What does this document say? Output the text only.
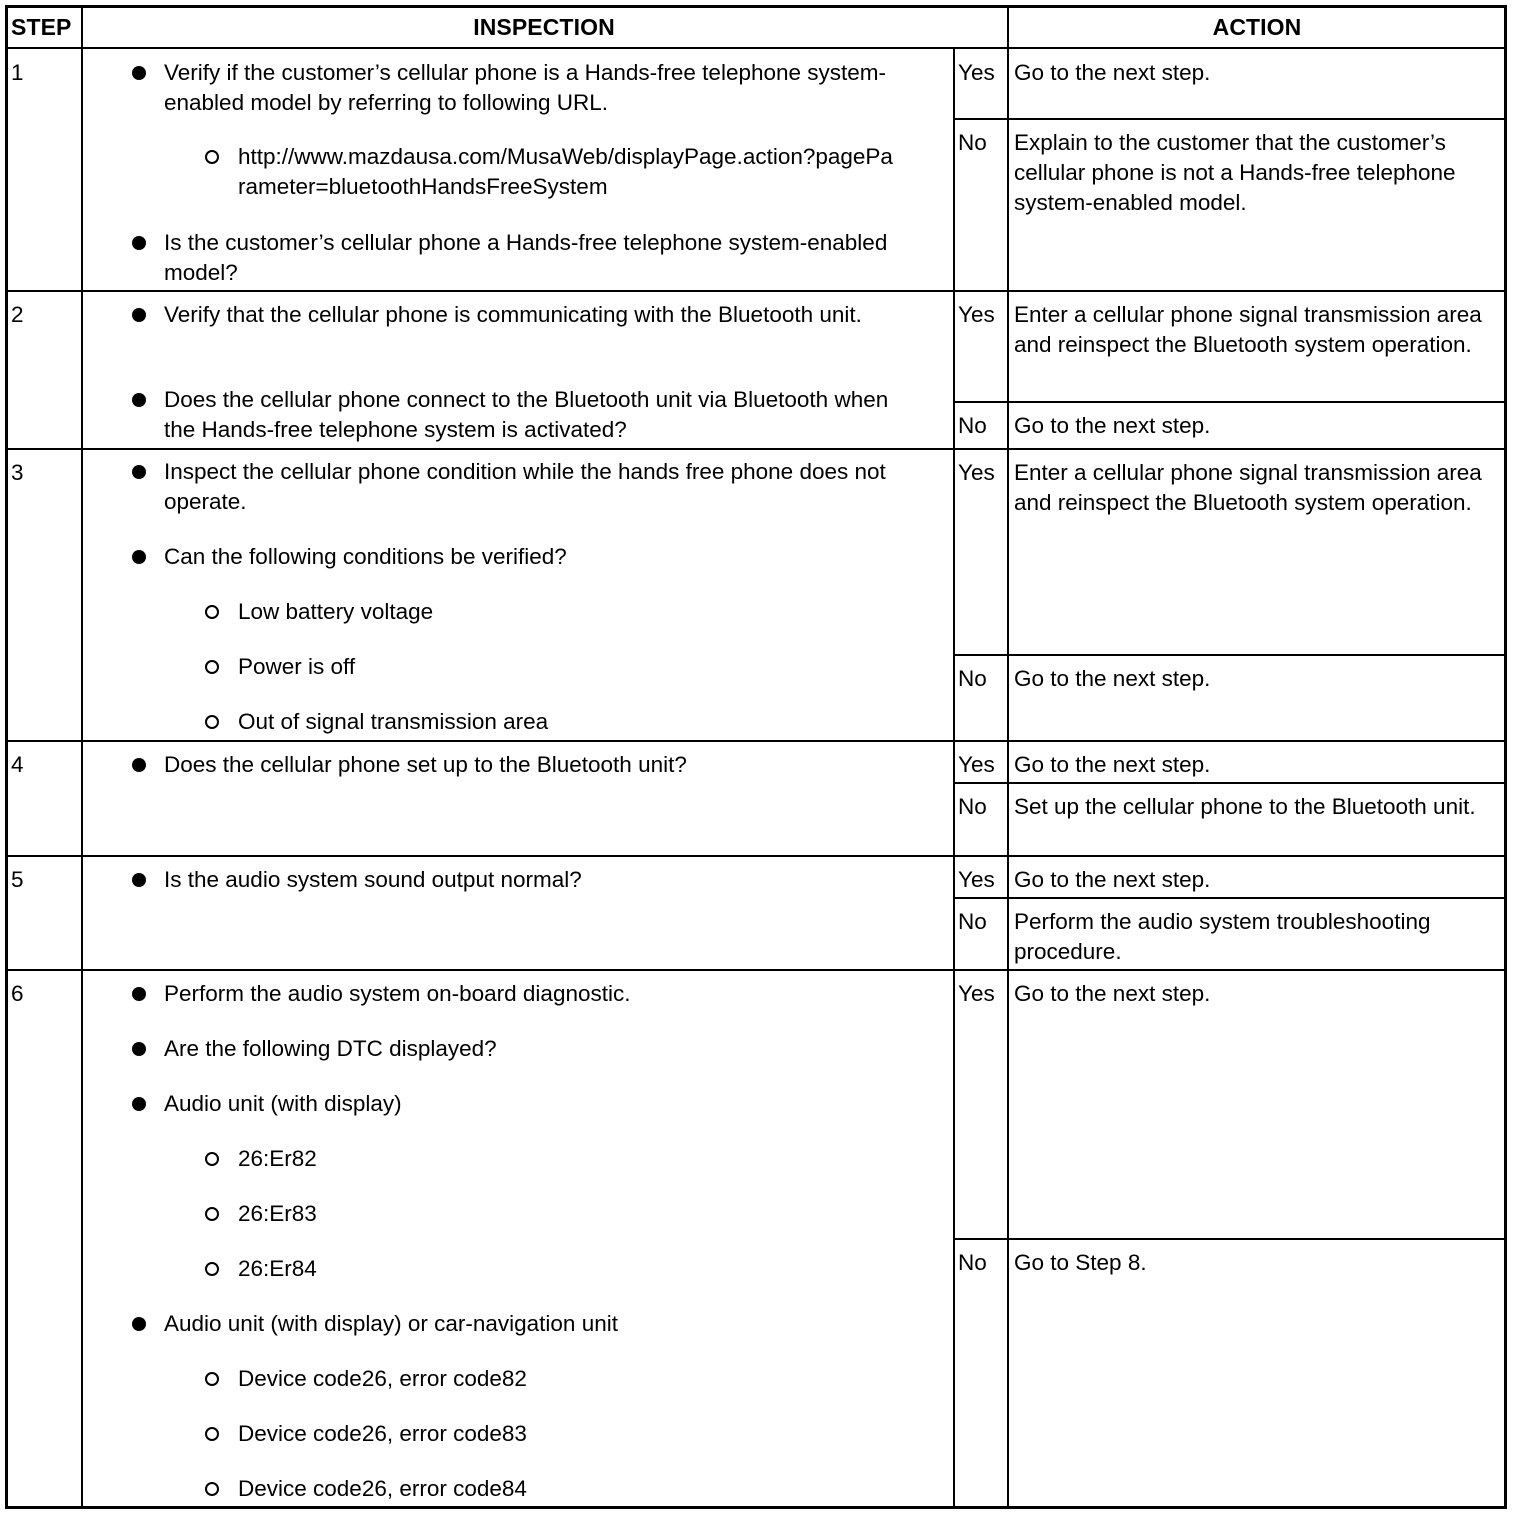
STEP	INSPECTION	ACTION
1	Verify if the customer’s cellular phone is a Hands-free telephone system-enabled model by referring to following URL.
http://www.mazdausa.com/MusaWeb/displayPage.action?pageParameter=bluetoothHandsFreeSystem
Is the customer’s cellular phone a Hands-free telephone system-enabled model?
Yes Go to the next step.
No Explain to the customer that the customer’s cellular phone is not a Hands-free telephone system-enabled model.
2	Verify that the cellular phone is communicating with the Bluetooth unit.
Does the cellular phone connect to the Bluetooth unit via Bluetooth when the Hands-free telephone system is activated?
Yes Enter a cellular phone signal transmission area and reinspect the Bluetooth system operation.
No Go to the next step.
3	Inspect the cellular phone condition while the hands free phone does not operate.
Can the following conditions be verified?
Low battery voltage
Power is off
Out of signal transmission area
Yes Enter a cellular phone signal transmission area and reinspect the Bluetooth system operation.
No Go to the next step.
4	Does the cellular phone set up to the Bluetooth unit?	Yes Go to the next step.
No Set up the cellular phone to the Bluetooth unit.
5	Is the audio system sound output normal?	Yes Go to the next step.
No Perform the audio system troubleshooting procedure.
6	Perform the audio system on-board diagnostic.
Are the following DTC displayed?
Audio unit (with display)
26:Er82
26:Er83
26:Er84
Audio unit (with display) or car-navigation unit
Device code26, error code82
Device code26, error code83
Device code26, error code84
Yes Go to the next step.
No Go to Step 8.
